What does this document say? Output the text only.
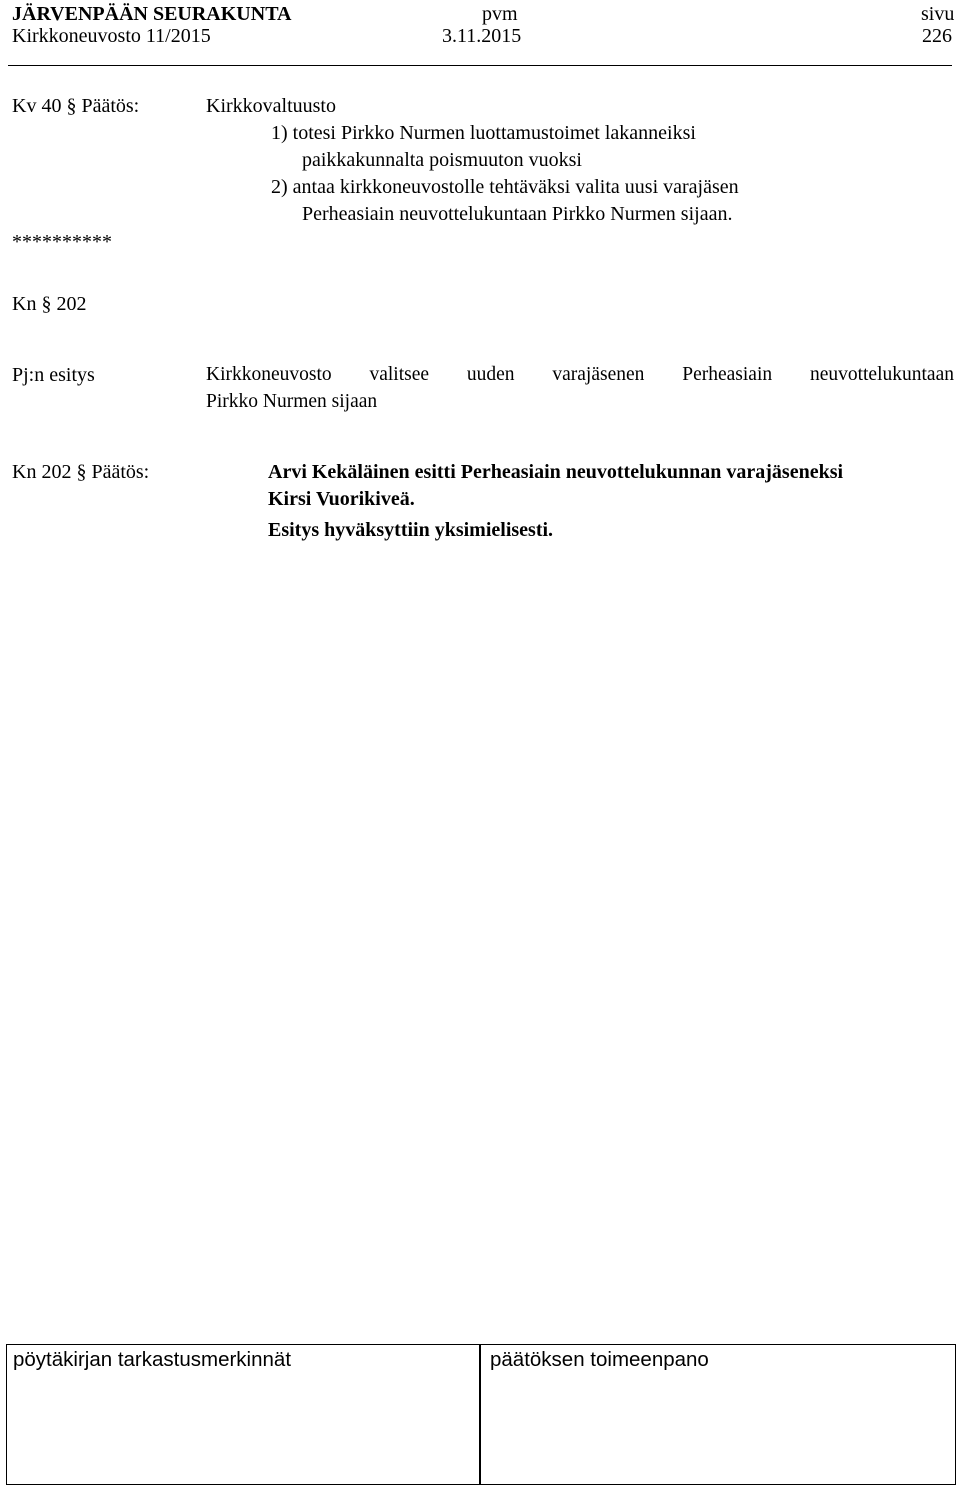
JÄRVENPÄÄN SEURAKUNTA	pvm	sivu
Kirkkoneuvosto 11/2015	3.11.2015	226
Kv 40 § Päätös:	Kirkkovaltuusto
1) totesi Pirkko Nurmen luottamustoimet lakanneiksi
paikkakunnalta poismuuton vuoksi
2) antaa kirkkoneuvostolle tehtäväksi valita uusi varajäsen
Perheasiain neuvottelukuntaan Pirkko Nurmen sijaan.
**********
Kn § 202
Pj:n esitys	Kirkkoneuvosto valitsee uuden varajäsenen Perheasiain neuvottelukuntaan
Pirkko Nurmen sijaan
Kn 202 § Päätös:	Arvi Kekäläinen esitti Perheasiain neuvottelukunnan varajäseneksi
Kirsi Vuorikiveä.
Esitys hyväksyttiin yksimielisesti.
pöytäkirjan tarkastusmerkinnät	päätöksen toimeenpano
